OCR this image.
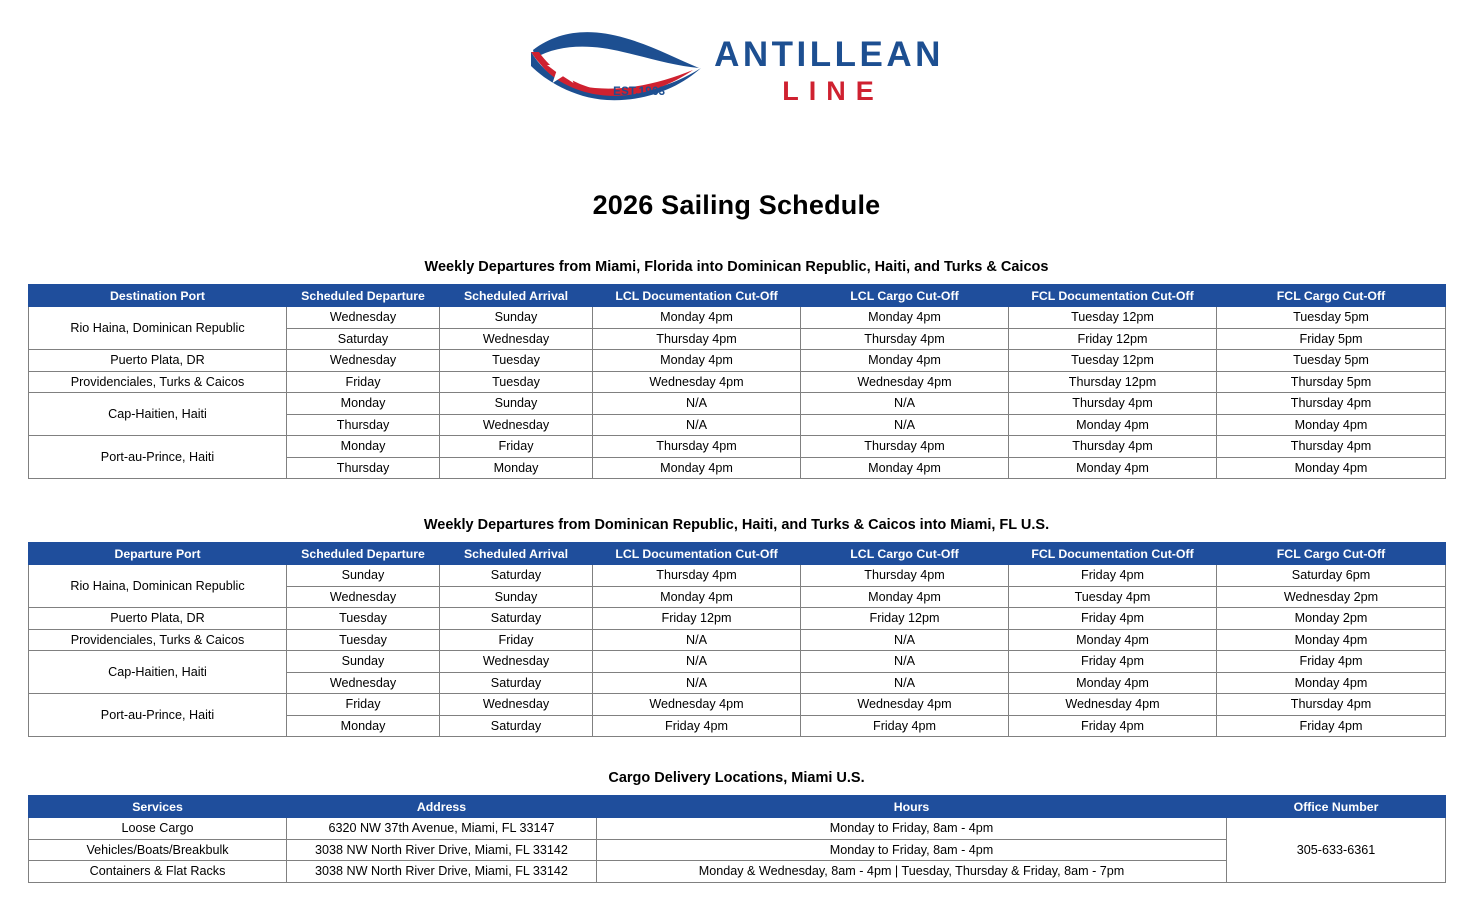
EST.1963
ANTILLEAN
LINE
2026 Sailing Schedule
Weekly Departures from Miami, Florida into Dominican Republic, Haiti, and Turks & Caicos
Destination Port	Scheduled Departure	Scheduled Arrival	LCL Documentation Cut-Off	LCL Cargo Cut-Off	FCL Documentation Cut-Off	FCL Cargo Cut-Off
Rio Haina, Dominican Republic	Wednesday	Sunday	Monday 4pm	Monday 4pm	Tuesday 12pm	Tuesday 5pm
	Saturday	Wednesday	Thursday 4pm	Thursday 4pm	Friday 12pm	Friday 5pm
Puerto Plata, DR	Wednesday	Tuesday	Monday 4pm	Monday 4pm	Tuesday 12pm	Tuesday 5pm
Providenciales, Turks & Caicos	Friday	Tuesday	Wednesday 4pm	Wednesday 4pm	Thursday 12pm	Thursday 5pm
Cap-Haitien, Haiti	Monday	Sunday	N/A	N/A	Thursday 4pm	Thursday 4pm
	Thursday	Wednesday	N/A	N/A	Monday 4pm	Monday 4pm
Port-au-Prince, Haiti	Monday	Friday	Thursday 4pm	Thursday 4pm	Thursday 4pm	Thursday 4pm
	Thursday	Monday	Monday 4pm	Monday 4pm	Monday 4pm	Monday 4pm
Weekly Departures from Dominican Republic, Haiti, and Turks & Caicos into Miami, FL U.S.
Departure Port	Scheduled Departure	Scheduled Arrival	LCL Documentation Cut-Off	LCL Cargo Cut-Off	FCL Documentation Cut-Off	FCL Cargo Cut-Off
Rio Haina, Dominican Republic	Sunday	Saturday	Thursday 4pm	Thursday 4pm	Friday 4pm	Saturday 6pm
	Wednesday	Sunday	Monday 4pm	Monday 4pm	Tuesday 4pm	Wednesday 2pm
Puerto Plata, DR	Tuesday	Saturday	Friday 12pm	Friday 12pm	Friday 4pm	Monday 2pm
Providenciales, Turks & Caicos	Tuesday	Friday	N/A	N/A	Monday 4pm	Monday 4pm
Cap-Haitien, Haiti	Sunday	Wednesday	N/A	N/A	Friday 4pm	Friday 4pm
	Wednesday	Saturday	N/A	N/A	Monday 4pm	Monday 4pm
Port-au-Prince, Haiti	Friday	Wednesday	Wednesday 4pm	Wednesday 4pm	Wednesday 4pm	Thursday 4pm
	Monday	Saturday	Friday 4pm	Friday 4pm	Friday 4pm	Friday 4pm
Cargo Delivery Locations, Miami U.S.
Services	Address	Hours	Office Number
Loose Cargo	6320 NW 37th Avenue, Miami, FL 33147	Monday to Friday, 8am - 4pm	305-633-6361
Vehicles/Boats/Breakbulk	3038 NW North River Drive, Miami, FL 33142	Monday to Friday, 8am - 4pm	
Containers & Flat Racks	3038 NW North River Drive, Miami, FL 33142	Monday & Wednesday, 8am - 4pm | Tuesday, Thursday & Friday, 8am - 7pm	
